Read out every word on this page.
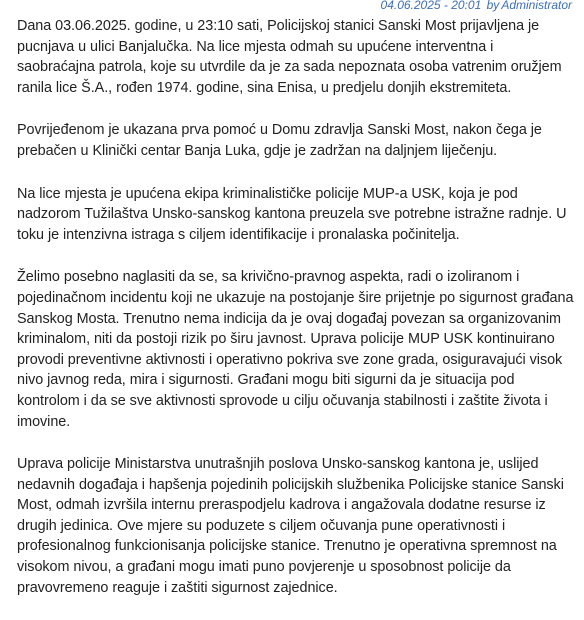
04.06.2025 - 20:01 by Administrator

Dana 03.06.2025. godine, u 23:10 sati, Policijskoj stanici Sanski Most prijavljena je pucnjava u ulici Banjalučka. Na lice mjesta odmah su upućene interventna i saobraćajna patrola, koje su utvrdile da je za sada nepoznata osoba vatrenim oružjem ranila lice Š.A., rođen 1974. godine, sina Enisa, u predjelu donjih ekstremiteta.

Povrijeđenom je ukazana prva pomoć u Domu zdravlja Sanski Most, nakon čega je prebačen u Klinički centar Banja Luka, gdje je zadržan na daljnjem liječenju.

Na lice mjesta je upućena ekipa kriminalističke policije MUP-a USK, koja je pod nadzorom Tužilaštva Unsko-sanskog kantona preuzela sve potrebne istražne radnje. U toku je intenzivna istraga s ciljem identifikacije i pronalaska počinitelja.

Želimo posebno naglasiti da se, sa krivično-pravnog aspekta, radi o izoliranom i pojedinačnom incidentu koji ne ukazuje na postojanje šire prijetnje po sigurnost građana Sanskog Mosta. Trenutno nema indicija da je ovaj događaj povezan sa organizovanim kriminalom, niti da postoji rizik po širu javnost. Uprava policije MUP USK kontinuirano provodi preventivne aktivnosti i operativno pokriva sve zone grada, osiguravajući visok nivo javnog reda, mira i sigurnosti. Građani mogu biti sigurni da je situacija pod kontrolom i da se sve aktivnosti sprovode u cilju očuvanja stabilnosti i zaštite života i imovine.

Uprava policije Ministarstva unutrašnjih poslova Unsko-sanskog kantona je, uslijed nedavnih događaja i hapšenja pojedinih policijskih službenika Policijske stanice Sanski Most, odmah izvršila internu preraspodjelu kadrova i angažovala dodatne resurse iz drugih jedinica. Ove mjere su poduzete s ciljem očuvanja pune operativnosti i profesionalnog funkcionisanja policijske stanice. Trenutno je operativna spremnost na visokom nivou, a građani mogu imati puno povjerenje u sposobnost policije da pravovremeno reaguje i zaštiti sigurnost zajednice.
